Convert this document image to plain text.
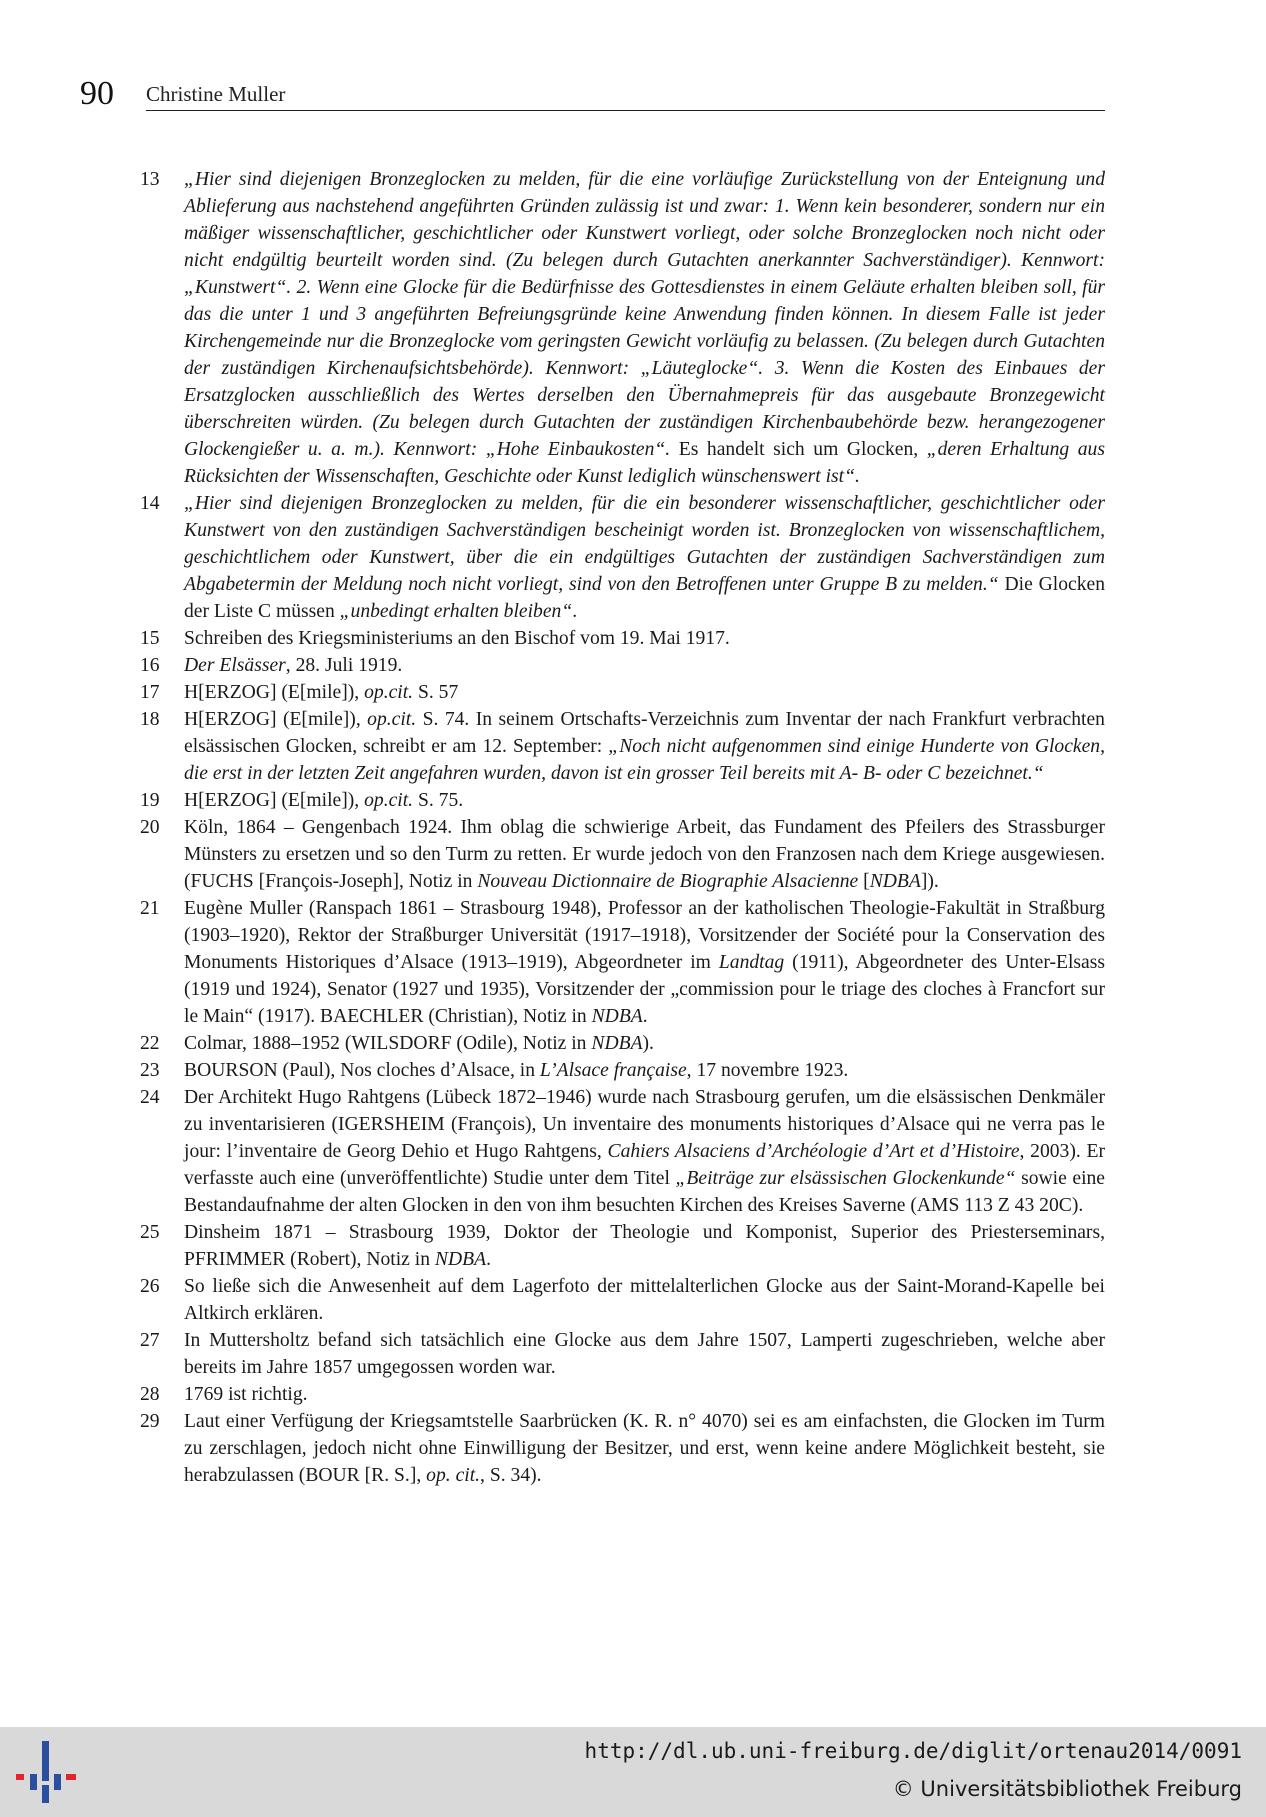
90 Christine Muller
13	„Hier sind diejenigen Bronzeglocken zu melden, für die eine vorläufige Zurückstellung von der Enteignung und Ablieferung aus nachstehend angeführten Gründen zulässig ist und zwar: 1. Wenn kein besonderer, sondern nur ein mäßiger wissenschaftlicher, geschichtlicher oder Kunstwert vorliegt, oder solche Bronzeglocken noch nicht oder nicht endgültig beurteilt worden sind. (Zu belegen durch Gutachten anerkannter Sachverständiger). Kennwort: „Kunstwert“. 2. Wenn eine Glocke für die Bedürfnisse des Gottesdienstes in einem Geläute erhalten bleiben soll, für das die unter 1 und 3 angeführten Befreiungsgründe keine Anwendung finden können. In diesem Falle ist jeder Kirchengemeinde nur die Bronzeglocke vom geringsten Gewicht vorläufig zu belassen. (Zu belegen durch Gutachten der zuständigen Kirchenaufsichtsbehörde). Kennwort: „Läuteglocke“. 3. Wenn die Kosten des Einbaues der Ersatzglocken ausschließlich des Wertes derselben den Übernahmepreis für das ausgebaute Bronzegewicht überschreiten würden. (Zu belegen durch Gutachten der zuständigen Kirchenbaubehörde bezw. herangezogener Glockengießer u. a. m.). Kennwort: „Hohe Einbaukosten“. Es handelt sich um Glocken, „deren Erhaltung aus Rücksichten der Wissenschaften, Geschichte oder Kunst lediglich wünschenswert ist“.
14	„Hier sind diejenigen Bronzeglocken zu melden, für die ein besonderer wissenschaftlicher, geschichtlicher oder Kunstwert von den zuständigen Sachverständigen bescheinigt worden ist. Bronzeglocken von wissenschaftlichem, geschichtlichem oder Kunstwert, über die ein endgültiges Gutachten der zuständigen Sachverständigen zum Abgabetermin der Meldung noch nicht vorliegt, sind von den Betroffenen unter Gruppe B zu melden.“ Die Glocken der Liste C müssen „unbedingt erhalten bleiben“.
15	Schreiben des Kriegsministeriums an den Bischof vom 19. Mai 1917.
16	Der Elsässer, 28. Juli 1919.
17	H[ERZOG] (E[mile]), op.cit. S. 57
18	H[ERZOG] (E[mile]), op.cit. S. 74. In seinem Ortschafts-Verzeichnis zum Inventar der nach Frankfurt verbrachten elsässischen Glocken, schreibt er am 12. September: „Noch nicht aufgenommen sind einige Hunderte von Glocken, die erst in der letzten Zeit angefahren wurden, davon ist ein grosser Teil bereits mit A- B- oder C bezeichnet.“
19	H[ERZOG] (E[mile]), op.cit. S. 75.
20	Köln, 1864 – Gengenbach 1924. Ihm oblag die schwierige Arbeit, das Fundament des Pfeilers des Strassburger Münsters zu ersetzen und so den Turm zu retten. Er wurde jedoch von den Franzosen nach dem Kriege ausgewiesen. (FUCHS [François-Joseph], Notiz in Nouveau Dictionnaire de Biographie Alsacienne [NDBA]).
21	Eugène Muller (Ranspach 1861 – Strasbourg 1948), Professor an der katholischen Theologie-Fakultät in Straßburg (1903–1920), Rektor der Straßburger Universität (1917–1918), Vorsitzender der Société pour la Conservation des Monuments Historiques d’Alsace (1913–1919), Abgeordneter im Landtag (1911), Abgeordneter des Unter-Elsass (1919 und 1924), Senator (1927 und 1935), Vorsitzender der „commission pour le triage des cloches à Francfort sur le Main“ (1917). BAECHLER (Christian), Notiz in NDBA.
22	Colmar, 1888–1952 (WILSDORF (Odile), Notiz in NDBA).
23	BOURSON (Paul), Nos cloches d’Alsace, in L’Alsace française, 17 novembre 1923.
24	Der Architekt Hugo Rahtgens (Lübeck 1872–1946) wurde nach Strasbourg gerufen, um die elsässischen Denkmäler zu inventarisieren (IGERSHEIM (François), Un inventaire des monuments historiques d’Alsace qui ne verra pas le jour: l’inventaire de Georg Dehio et Hugo Rahtgens, Cahiers Alsaciens d’Archéologie d’Art et d’Histoire, 2003). Er verfasste auch eine (unveröffentlichte) Studie unter dem Titel „Beiträge zur elsässischen Glockenkunde“ sowie eine Bestandaufnahme der alten Glocken in den von ihm besuchten Kirchen des Kreises Saverne (AMS 113 Z 43 20C).
25	Dinsheim 1871 – Strasbourg 1939, Doktor der Theologie und Komponist, Superior des Priesterseminars, PFRIMMER (Robert), Notiz in NDBA.
26	So ließe sich die Anwesenheit auf dem Lagerfoto der mittelalterlichen Glocke aus der Saint-Morand-Kapelle bei Altkirch erklären.
27	In Muttersholtz befand sich tatsächlich eine Glocke aus dem Jahre 1507, Lamperti zugeschrieben, welche aber bereits im Jahre 1857 umgegossen worden war.
28	1769 ist richtig.
29	Laut einer Verfügung der Kriegsamtstelle Saarbrücken (K. R. n° 4070) sei es am einfachsten, die Glocken im Turm zu zerschlagen, jedoch nicht ohne Einwilligung der Besitzer, und erst, wenn keine andere Möglichkeit besteht, sie herabzulassen (BOUR [R. S.], op. cit., S. 34).
http://dl.ub.uni-freiburg.de/diglit/ortenau2014/0091
© Universitätsbibliothek Freiburg
